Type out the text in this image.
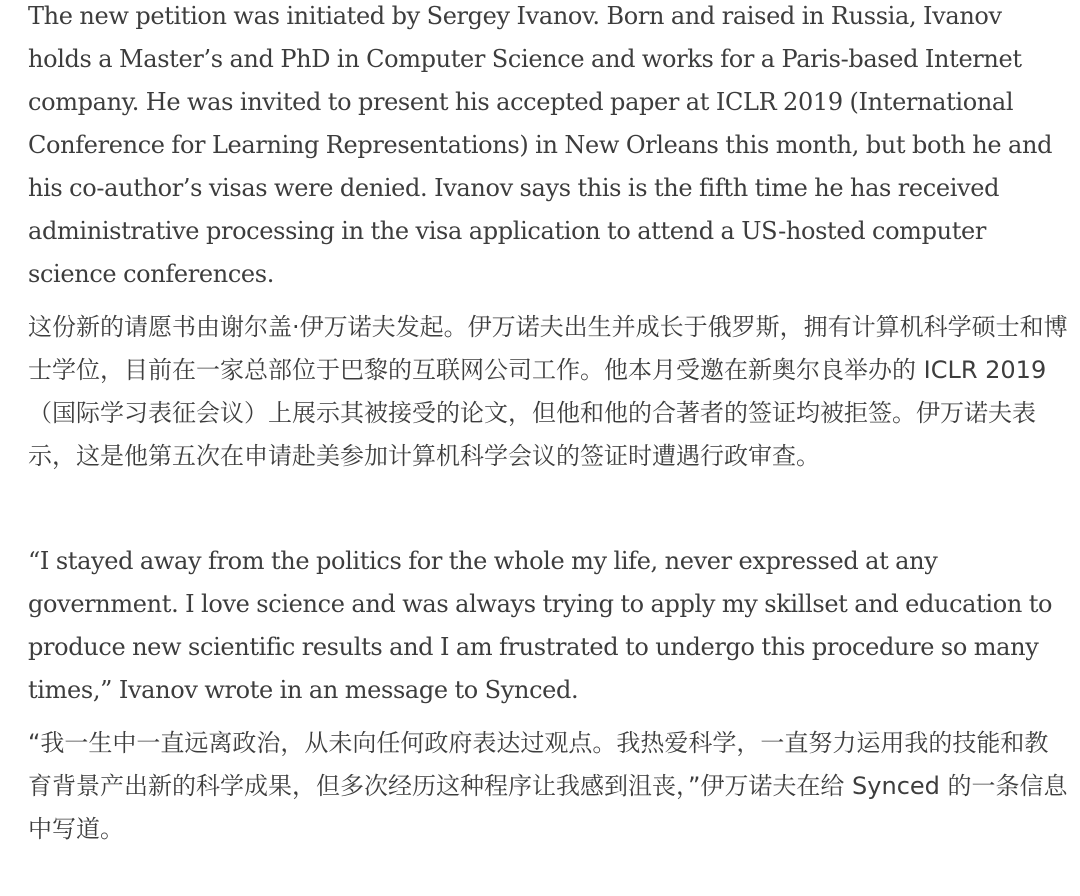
The new petition was initiated by Sergey Ivanov. Born and raised in Russia, Ivanov holds a Master’s and PhD in Computer Science and works for a Paris-based Internet company. He was invited to present his accepted paper at ICLR 2019 (International Conference for Learning Representations) in New Orleans this month, but both he and his co-author’s visas were denied. Ivanov says this is the fifth time he has received administrative processing in the visa application to attend a US-hosted computer science conferences.

这份新的请愿书由谢尔盖·伊万诺夫发起。伊万诺夫出生并成长于俄罗斯，拥有计算机科学硕士和博士学位，目前在一家总部位于巴黎的互联网公司工作。他本月受邀在新奥尔良举办的 ICLR 2019（国际学习表征会议）上展示其被接受的论文，但他和他的合著者的签证均被拒签。伊万诺夫表示，这是他第五次在申请赴美参加计算机科学会议的签证时遭遇行政审查。

“I stayed away from the politics for the whole my life, never expressed at any government. I love science and was always trying to apply my skillset and education to produce new scientific results and I am frustrated to undergo this procedure so many times,” Ivanov wrote in an message to Synced.

“我一生中一直远离政治，从未向任何政府表达过观点。我热爱科学，一直努力运用我的技能和教育背景产出新的科学成果，但多次经历这种程序让我感到沮丧，”伊万诺夫在给 Synced 的一条信息中写道。
